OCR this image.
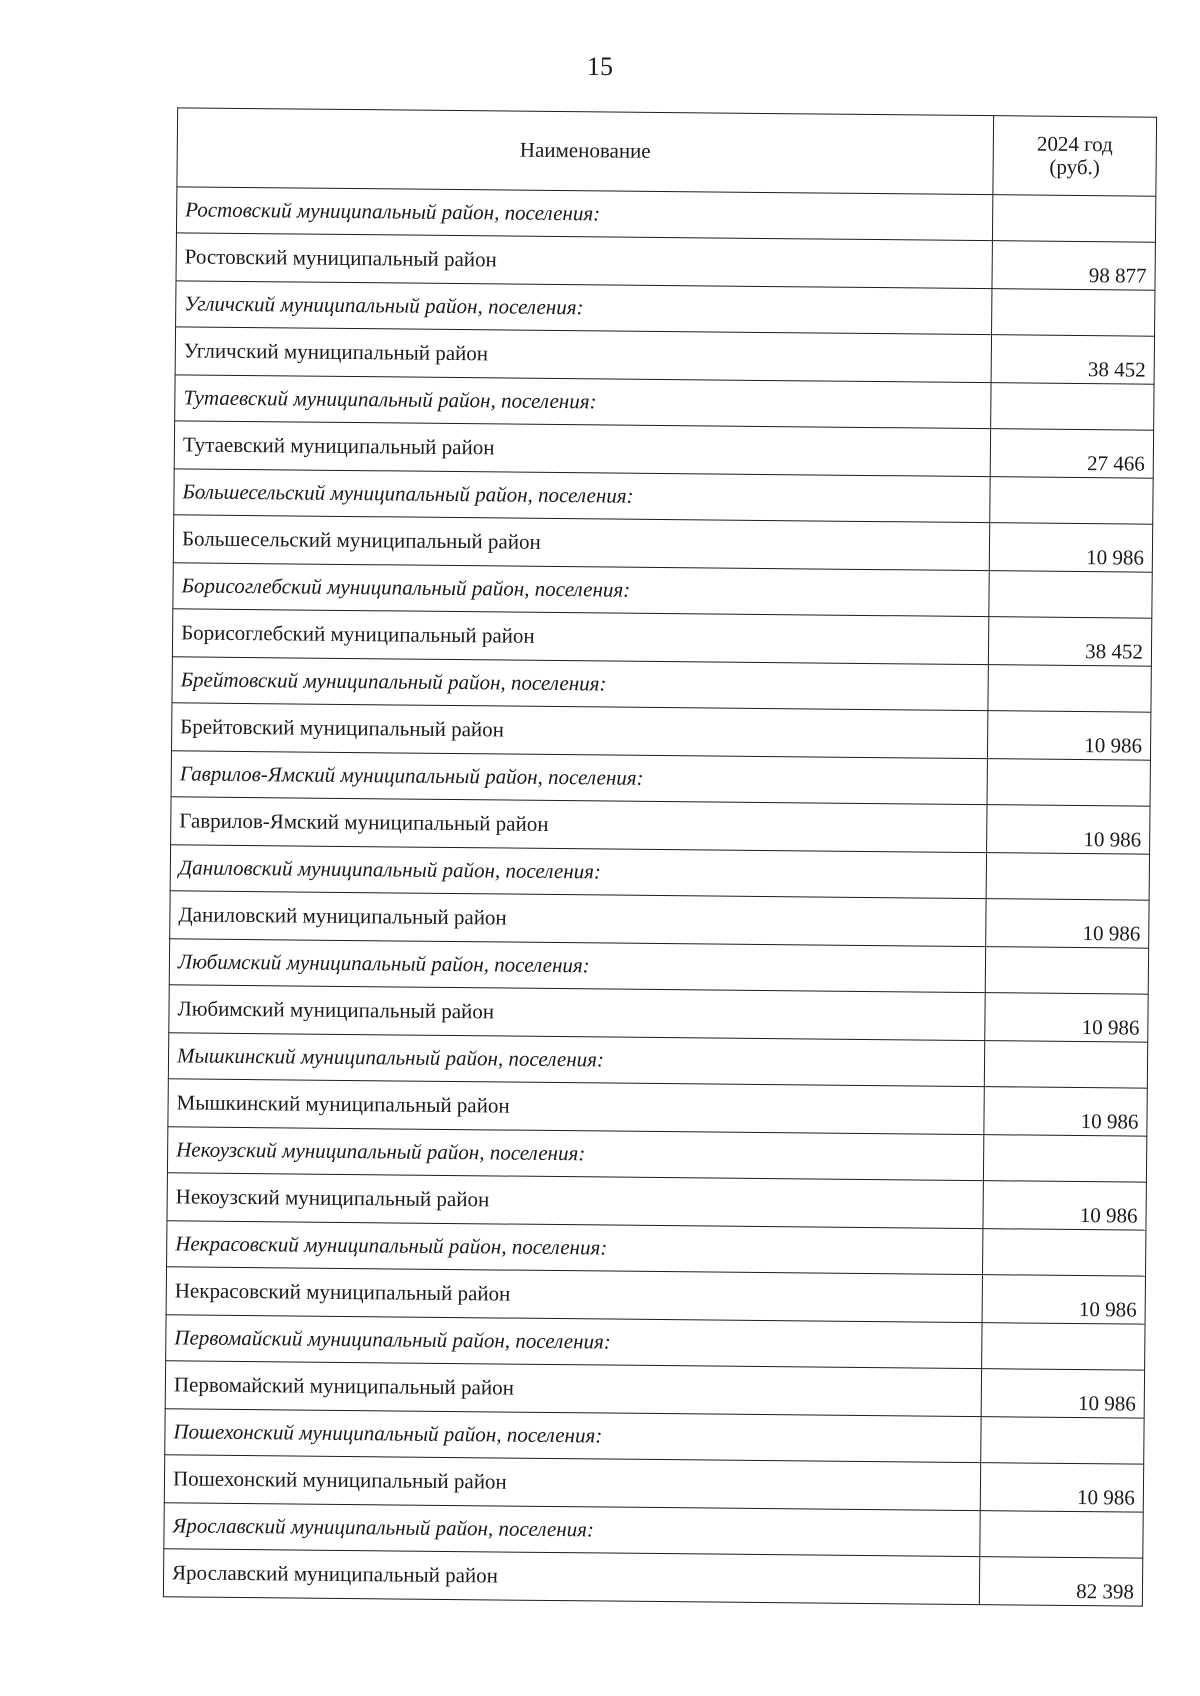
15
Наименование	2024 год
(руб.)

Ростовский муниципальный район, поселения:	
Ростовский муниципальный район	98 877
Угличский муниципальный район, поселения:	
Угличский муниципальный район	38 452
Тутаевский муниципальный район, поселения:	
Тутаевский муниципальный район	27 466
Большесельский муниципальный район, поселения:	
Большесельский муниципальный район	10 986
Борисоглебский муниципальный район, поселения:	
Борисоглебский муниципальный район	38 452
Брейтовский муниципальный район, поселения:	
Брейтовский муниципальный район	10 986
Гаврилов-Ямский муниципальный район, поселения:	
Гаврилов-Ямский муниципальный район	10 986
Даниловский муниципальный район, поселения:	
Даниловский муниципальный район	10 986
Любимский муниципальный район, поселения:	
Любимский муниципальный район	10 986
Мышкинский муниципальный район, поселения:	
Мышкинский муниципальный район	10 986
Некоузский муниципальный район, поселения:	
Некоузский муниципальный район	10 986
Некрасовский муниципальный район, поселения:	
Некрасовский муниципальный район	10 986
Первомайский муниципальный район, поселения:	
Первомайский муниципальный район	10 986
Пошехонский муниципальный район, поселения:	
Пошехонский муниципальный район	10 986
Ярославский муниципальный район, поселения:	
Ярославский муниципальный район	82 398
